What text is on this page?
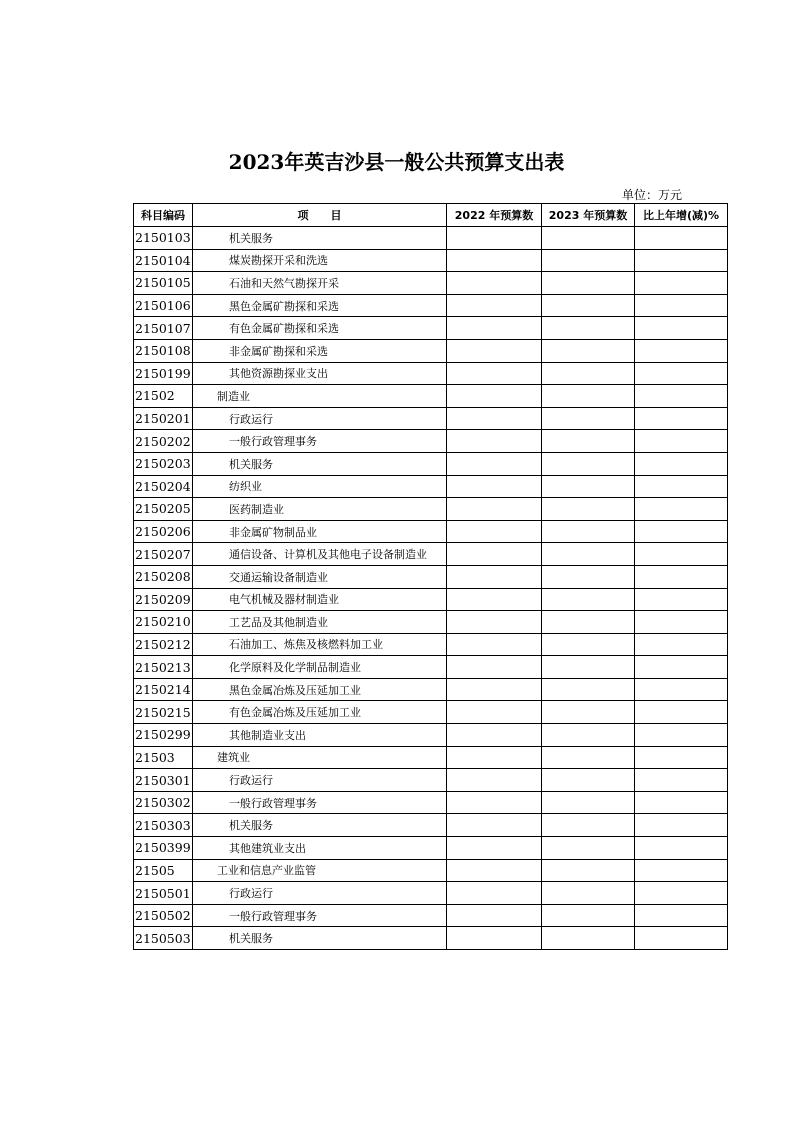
2023年英吉沙县一般公共预算支出表
单位：万元
科目编码	项　　目	2022 年预算数	2023 年预算数	比上年增(减)%
2150103	机关服务			
2150104	煤炭勘探开采和洗选			
2150105	石油和天然气勘探开采			
2150106	黑色金属矿勘探和采选			
2150107	有色金属矿勘探和采选			
2150108	非金属矿勘探和采选			
2150199	其他资源勘探业支出			
21502	制造业			
2150201	行政运行			
2150202	一般行政管理事务			
2150203	机关服务			
2150204	纺织业			
2150205	医药制造业			
2150206	非金属矿物制品业			
2150207	通信设备、计算机及其他电子设备制造业			
2150208	交通运输设备制造业			
2150209	电气机械及器材制造业			
2150210	工艺品及其他制造业			
2150212	石油加工、炼焦及核燃料加工业			
2150213	化学原料及化学制品制造业			
2150214	黑色金属冶炼及压延加工业			
2150215	有色金属冶炼及压延加工业			
2150299	其他制造业支出			
21503	建筑业			
2150301	行政运行			
2150302	一般行政管理事务			
2150303	机关服务			
2150399	其他建筑业支出			
21505	工业和信息产业监管			
2150501	行政运行			
2150502	一般行政管理事务			
2150503	机关服务			
